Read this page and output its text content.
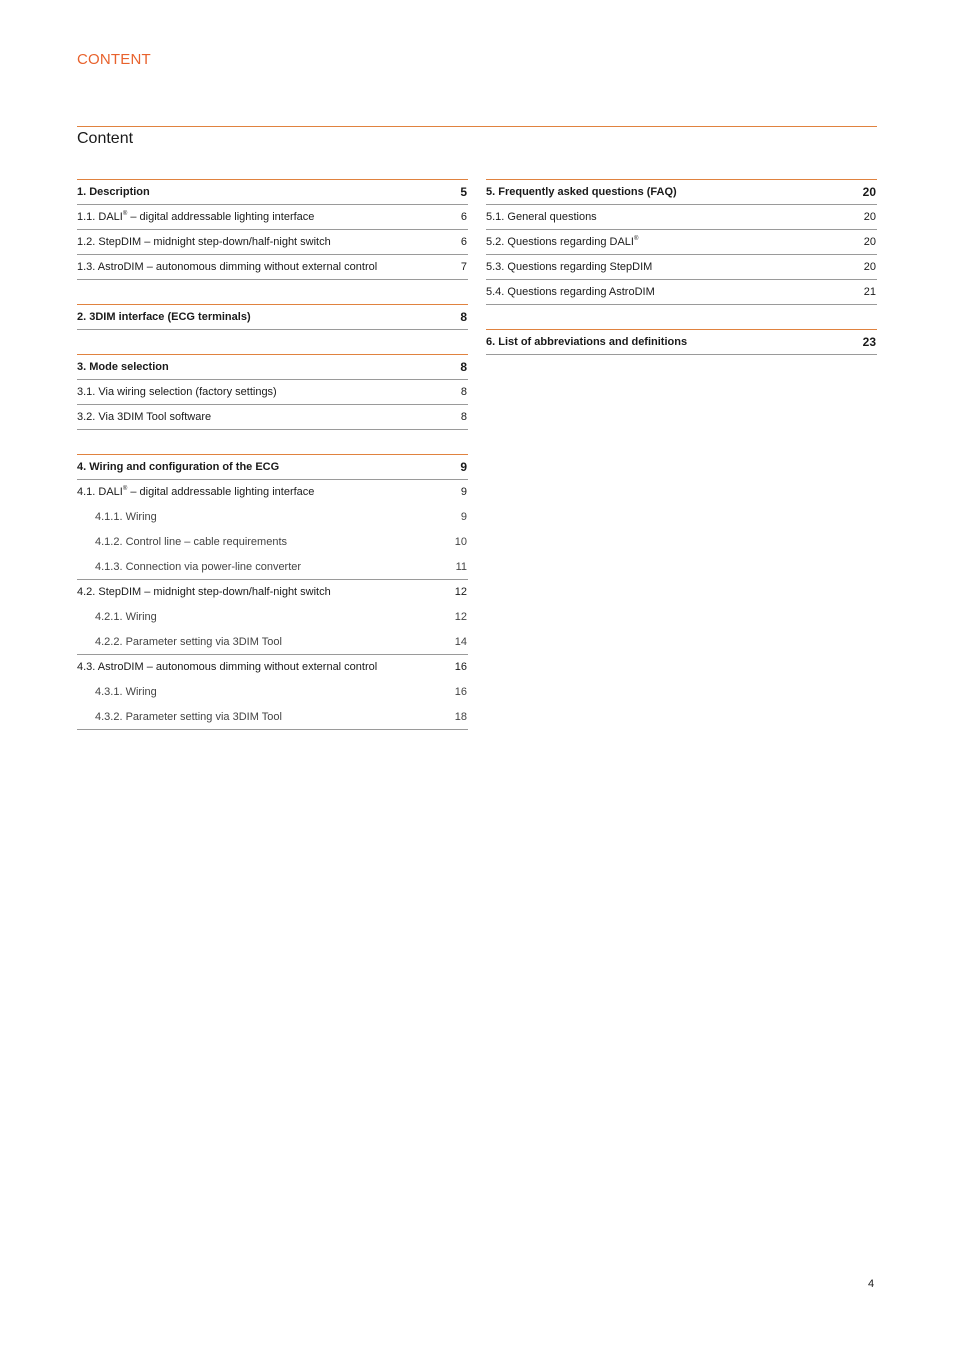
CONTENT
Content
1. Description	5
1.1. DALI® – digital addressable lighting interface	6
1.2. StepDIM – midnight step-down/half-night switch	6
1.3. AstroDIM – autonomous dimming without external control	7
2. 3DIM interface (ECG terminals)	8
3. Mode selection	8
3.1. Via wiring selection (factory settings)	8
3.2. Via 3DIM Tool software	8
4. Wiring and configuration of the ECG	9
4.1. DALI® – digital addressable lighting interface	9
4.1.1. Wiring	9
4.1.2. Control line – cable requirements	10
4.1.3. Connection via power-line converter	11
4.2. StepDIM – midnight step-down/half-night switch	12
4.2.1. Wiring	12
4.2.2. Parameter setting via 3DIM Tool	14
4.3. AstroDIM – autonomous dimming without external control	16
4.3.1. Wiring	16
4.3.2. Parameter setting via 3DIM Tool	18
5. Frequently asked questions (FAQ)	20
5.1. General questions	20
5.2. Questions regarding DALI®	20
5.3. Questions regarding StepDIM	20
5.4. Questions regarding AstroDIM	21
6. List of abbreviations and definitions	23
4
